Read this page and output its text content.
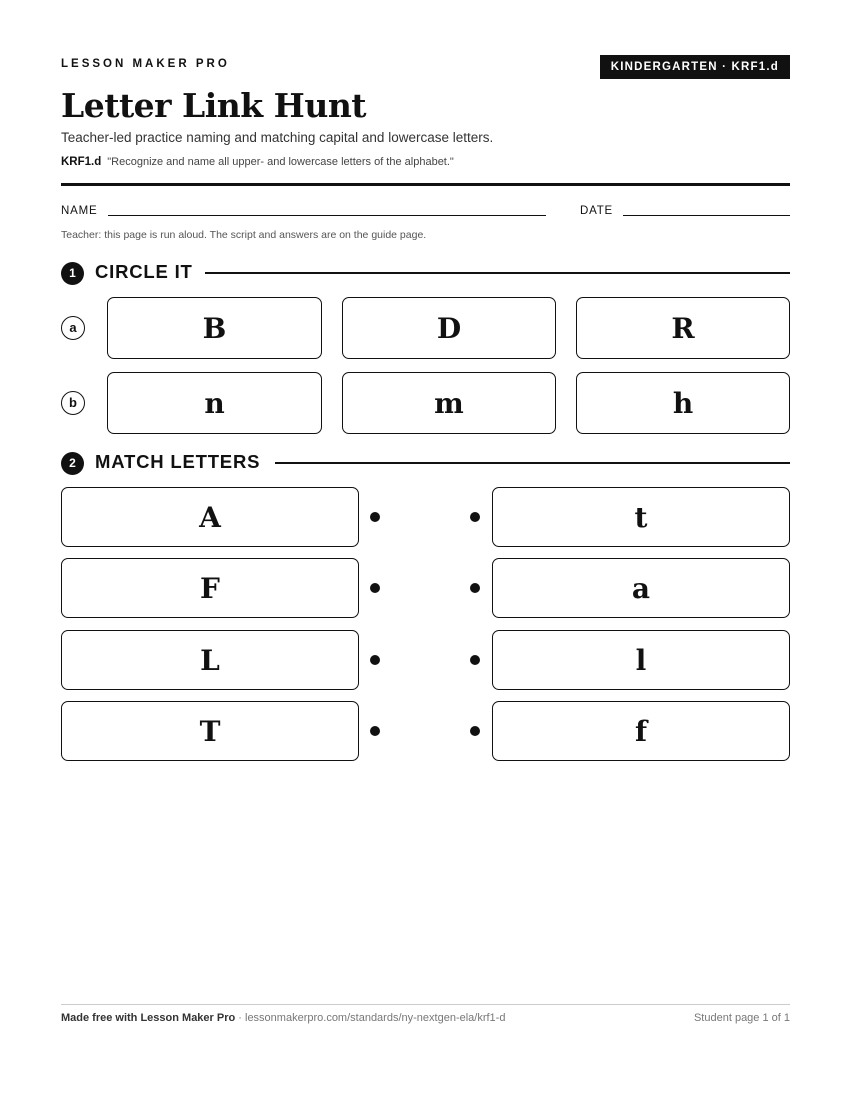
LESSON MAKER PRO	KINDERGARTEN · KRF1.d
Letter Link Hunt
Teacher-led practice naming and matching capital and lowercase letters.
KRF1.d "Recognize and name all upper- and lowercase letters of the alphabet."
NAME	DATE
Teacher: this page is run aloud. The script and answers are on the guide page.
1	CIRCLE IT
a	B	D	R
b	n	m	h
2	MATCH LETTERS
A	t
F	a
L	l
T	f
Made free with Lesson Maker Pro · lessonmakerpro.com/standards/ny-nextgen-ela/krf1-d	Student page 1 of 1
